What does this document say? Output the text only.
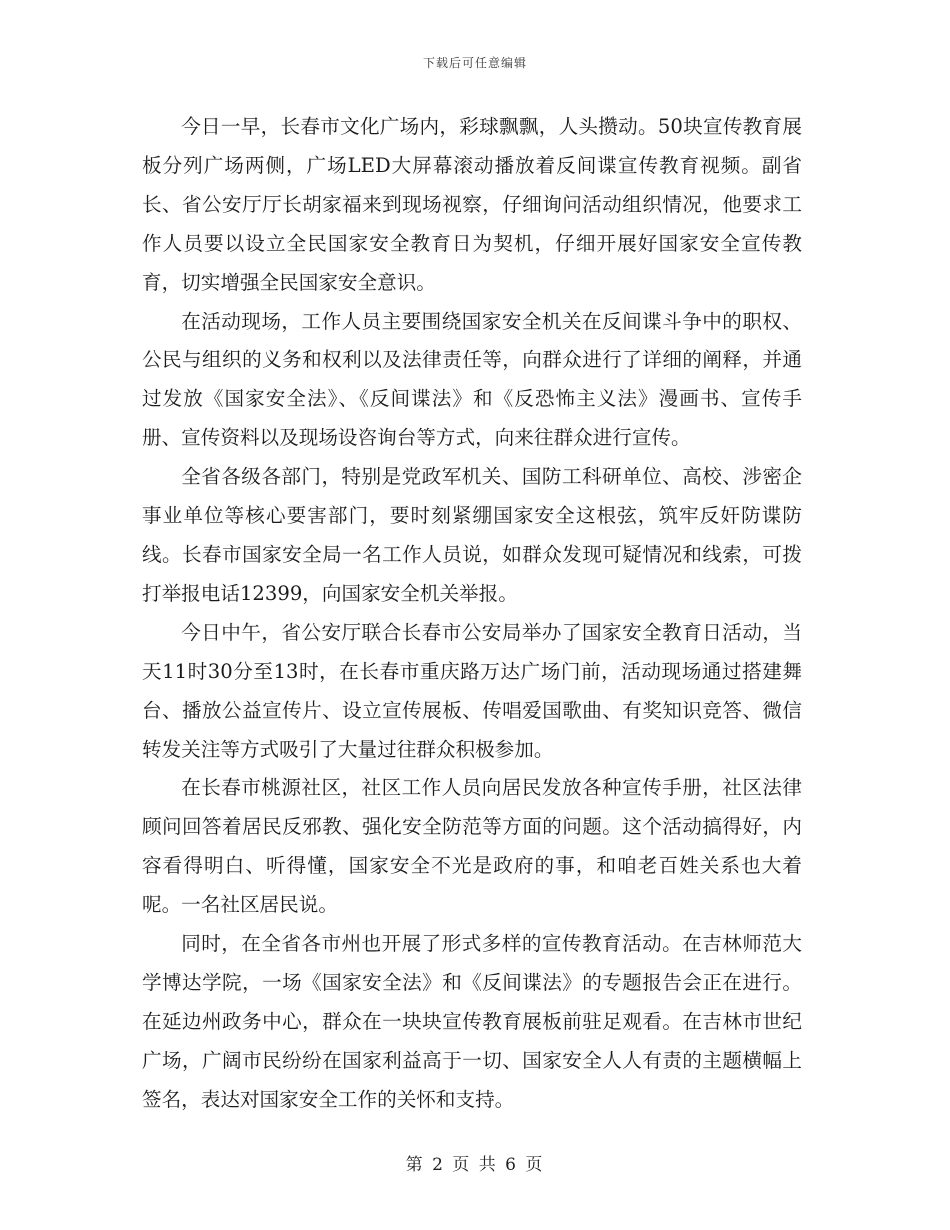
下载后可任意编辑

今日一早，长春市文化广场内，彩球飘飘，人头攒动。50块宣传教育展板分列广场两侧，广场LED大屏幕滚动播放着反间谍宣传教育视频。副省长、省公安厅厅长胡家福来到现场视察，仔细询问活动组织情况，他要求工作人员要以设立全民国家安全教育日为契机，仔细开展好国家安全宣传教育，切实增强全民国家安全意识。

在活动现场，工作人员主要围绕国家安全机关在反间谍斗争中的职权、公民与组织的义务和权利以及法律责任等，向群众进行了详细的阐释，并通过发放《国家安全法》、《反间谍法》和《反恐怖主义法》漫画书、宣传手册、宣传资料以及现场设咨询台等方式，向来往群众进行宣传。

全省各级各部门，特别是党政军机关、国防工科研单位、高校、涉密企事业单位等核心要害部门，要时刻紧绷国家安全这根弦，筑牢反奸防谍防线。长春市国家安全局一名工作人员说，如群众发现可疑情况和线索，可拨打举报电话12399，向国家安全机关举报。

今日中午，省公安厅联合长春市公安局举办了国家安全教育日活动，当天11时30分至13时，在长春市重庆路万达广场门前，活动现场通过搭建舞台、播放公益宣传片、设立宣传展板、传唱爱国歌曲、有奖知识竞答、微信转发关注等方式吸引了大量过往群众积极参加。

在长春市桃源社区，社区工作人员向居民发放各种宣传手册，社区法律顾问回答着居民反邪教、强化安全防范等方面的问题。这个活动搞得好，内容看得明白、听得懂，国家安全不光是政府的事，和咱老百姓关系也大着呢。一名社区居民说。

同时，在全省各市州也开展了形式多样的宣传教育活动。在吉林师范大学博达学院，一场《国家安全法》和《反间谍法》的专题报告会正在进行。在延边州政务中心，群众在一块块宣传教育展板前驻足观看。在吉林市世纪广场，广阔市民纷纷在国家利益高于一切、国家安全人人有责的主题横幅上签名，表达对国家安全工作的关怀和支持。

第 2 页 共 6 页
